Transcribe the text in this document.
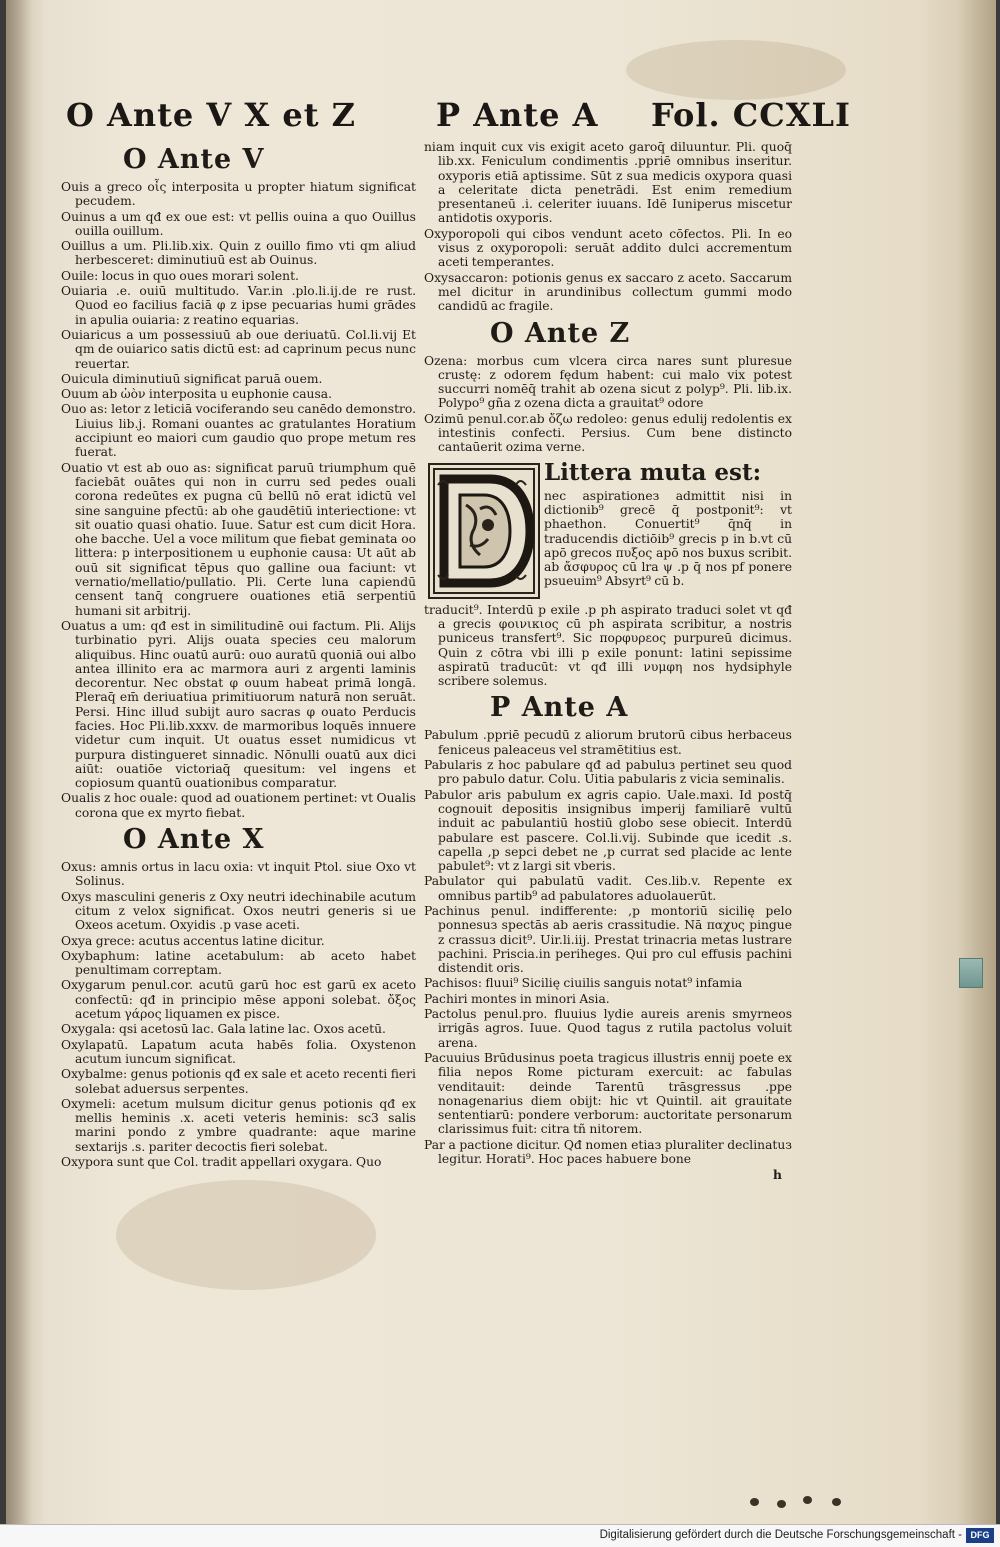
O Ante V X et Z	P Ante A Fol. CCXLI
O Ante V
Ouis a greco oἶς interposita u propter hiatum significat pecudem.
Ouinus a um qđ ex oue est: vt pellis ouina a quo Ouillus ouilla ouillum.
Ouillus a um. Pli.lib.xix. Quin z ouillo fimo vti qm aliud herbesceret: diminutiuū est ab Ouinus.
Ouile: locus in quo oues morari solent.
Ouiaria .e. ouiū multitudo. Var.in .plo.li.ij.de re rust. Quod eo facilius faciā φ z ipse pecuarias humi grādes in apulia ouiaria: z reatino equarias.
Ouiaricus a um possessiuū ab oue deriuatū. Col.li.vij Et qm de ouiarico satis dictū est: ad caprinum pecus nunc reuertar.
Ouicula diminutiuū significat paruā ouem.
Ouum ab ὠὸν interposita u euphonie causa.
Ouo as: letor z leticiā vociferando seu canēdo demonstro. Liuius lib.j. Romani ouantes ac gratulantes Horatium accipiunt eo maiori cum gaudio quo prope metum res fuerat.
Ouatio vt est ab ouo as: significat paruū triumphum quē faciebāt ouātes qui non in curru sed pedes ouali corona redeūtes ex pugna cū bellū nō erat idictū vel sine sanguine pfectū: ab ohe gaudētiū interiectione: vt sit ouatio quasi ohatio. Iuue. Satur est cum dicit Hora. ohe bacche. Uel a voce militum que fiebat geminata oo littera: p interpositionem u euphonie causa: Ut aūt ab ouū sit significat tēpus quo galline oua faciunt: vt vernatio/mellatio/pullatio. Pli. Certe luna capiendū censent tanq̄ congruere ouationes etiā serpentiū humani sit arbitrij.
Ouatus a um: qđ est in similitudinē oui factum. Pli. Alijs turbinatio pyri. Alijs ouata species ceu malorum aliquibus. Hinc ouatū aurū: ouo auratū quoniā oui albo antea illinito era ac marmora auri z argenti laminis decorentur. Nec obstat φ ouum habeat primā longā. Pleraq̄ em̄ deriuatiua primitiuorum naturā non seruāt. Persi. Hinc illud subijt auro sacras φ ouato Perducis facies. Hoc Pli.lib.xxxv. de marmoribus loquēs innuere videtur cum inquit. Ut ouatus esset numidicus vt purpura distingueret sinnadic. Nōnulli ouatū aux dici aiūt: ouatiōe victoriaq̄ quesitum: vel ingens et copiosum quantū ouationibus comparatur.
Oualis z hoc ouale: quod ad ouationem pertinet: vt Oualis corona que ex myrto fiebat.
O Ante X
Oxus: amnis ortus in lacu oxia: vt inquit Ptol. siue Oxo vt Solinus.
Oxys masculini generis z Oxy neutri idechinabile acutum citum z velox significat. Oxos neutri generis si ue Oxeos acetum. Oxyidis .p vase aceti.
Oxya grece: acutus accentus latine dicitur.
Oxybaphum: latine acetabulum: ab aceto habet penultimam correptam.
Oxygarum penul.cor. acutū garū hoc est garū ex aceto confectū: qđ in principio mēse apponi solebat. ὄξος acetum γάρος liquamen ex pisce.
Oxygala: qsi acetosū lac. Gala latine lac. Oxos acetū.
Oxylapatū. Lapatum acuta habēs folia. Oxystenon acutum iuncum significat.
Oxybalme: genus potionis qđ ex sale et aceto recenti fieri solebat aduersus serpentes.
Oxymeli: acetum mulsum dicitur genus potionis qđ ex mellis heminis .x. aceti veteris heminis: sc3 salis marini pondo z ymbre quadrante: aque marine sextarijs .s. pariter decoctis fieri solebat.
Oxypora sunt que Col. tradit appellari oxygara. Quo
niam inquit cux vis exigit aceto garoq̄ diluuntur. Pli. quoq̄ lib.xx. Feniculum condimentis .ppriē omnibus inseritur. oxyporis etiā aptissime. Sūt z sua medicis oxypora quasi a celeritate dicta penetrādi. Est enim remedium presentaneū .i. celeriter iuuans. Idē Iuniperus miscetur antidotis oxyporis.
Oxyporopoli qui cibos vendunt aceto cōfectos. Pli. In eo visus z oxyporopoli: seruāt addito dulci accrementum aceti temperantes.
Oxysaccaron: potionis genus ex saccaro z aceto. Saccarum mel dicitur in arundinibus collectum gummi modo candidū ac fragile.
O Ante Z
Ozena: morbus cum vlcera circa nares sunt pluresue crustę: z odorem fędum habent: cui malo vix potest succurri nomēq̄ trahit ab ozena sicut z polyp⁹. Pli. lib.ix. Polypo⁹ gña z ozena dicta a grauitat⁹ odore
Ozimū penul.cor.ab ὄζω redoleo: genus edulij redolentis ex intestinis confecti. Persius. Cum bene distincto cantaūerit ozima verne.
Littera muta est:
nec aspirationeз admittit nisi in dictionib⁹ grecē q̄ postponit⁹: vt phaethon. Conuertit⁹ q̄nq̄ in traducendis dictiōib⁹ grecis p in b.vt cū apō grecos πυξος apō nos buxus scribit. ab ἄσφυρος cū lra ψ .p q̄ nos pf ponere psueuim⁹ Absyrt⁹ cū b.
traducit⁹. Interdū p exile .p ph aspirato traduci solet vt qđ a grecis φοινικιος cū ph aspirata scribitur, a nostris puniceus transfert⁹. Sic πορφυρεος purpureū dicimus. Quin z cōtra vbi illi p exile ponunt: latini sepissime aspiratū traducūt: vt qđ illi νυμφη nos hydsiphyle scribere solemus.
P Ante A
Pabulum .ppriē pecudū z aliorum brutorū cibus herbaceus feniceus paleaceus vel stramētitius est.
Pabularis z hoc pabulare qđ ad pabuluз pertinet seu quod pro pabulo datur. Colu. Uitia pabularis z vicia seminalis.
Pabulor aris pabulum ex agris capio. Uale.maxi. Id postq̄ cognouit depositis insignibus imperij familiarē vultū induit ac pabulantiū hostiū globo sese obiecit. Interdū pabulare est pascere. Col.li.vij. Subinde que icedit .s. capella ,p sepci debet ne ,p currat sed placide ac lente pabulet⁹: vt z largi sit vberis.
Pabulator qui pabulatū vadit. Ces.lib.v. Repente ex omnibus partib⁹ ad pabulatores aduolauerūt.
Pachinus penul. indifferente: ,p montoriū sicilię pelo ponnesuз spectās ab aeris crassitudie. Nā παχυς pingue z crassuз dicit⁹. Uir.li.iij. Prestat trinacria metas lustrare pachini. Priscia.in periheges. Qui pro cul effusis pachini distendit oris.
Pachisos: fluui⁹ Sicilię ciuilis sanguis notat⁹ infamia
Pachiri montes in minori Asia.
Pactolus penul.pro. fluuius lydie aureis arenis smyrneos irrigās agros. Iuue. Quod tagus z rutila pactolus voluit arena.
Pacuuius Brūdusinus poeta tragicus illustris enniј poete ex filia nepos Rome picturam exercuit: ac fabulas venditauit: deinde Tarentū trāsgressus .ppe nonagenarius diem obijt: hic vt Quintil. ait grauitate sententiarū: pondere verborum: auctoritate personarum clarissimus fuit: citra tñ nitorem.
Par a pactione dicitur. Qđ nomen etiaз pluraliter declinatuз legitur. Horati⁹. Hoc paces habuere bone
h
Digitalisierung gefördert durch die Deutsche Forschungsgemeinschaft - DFG
